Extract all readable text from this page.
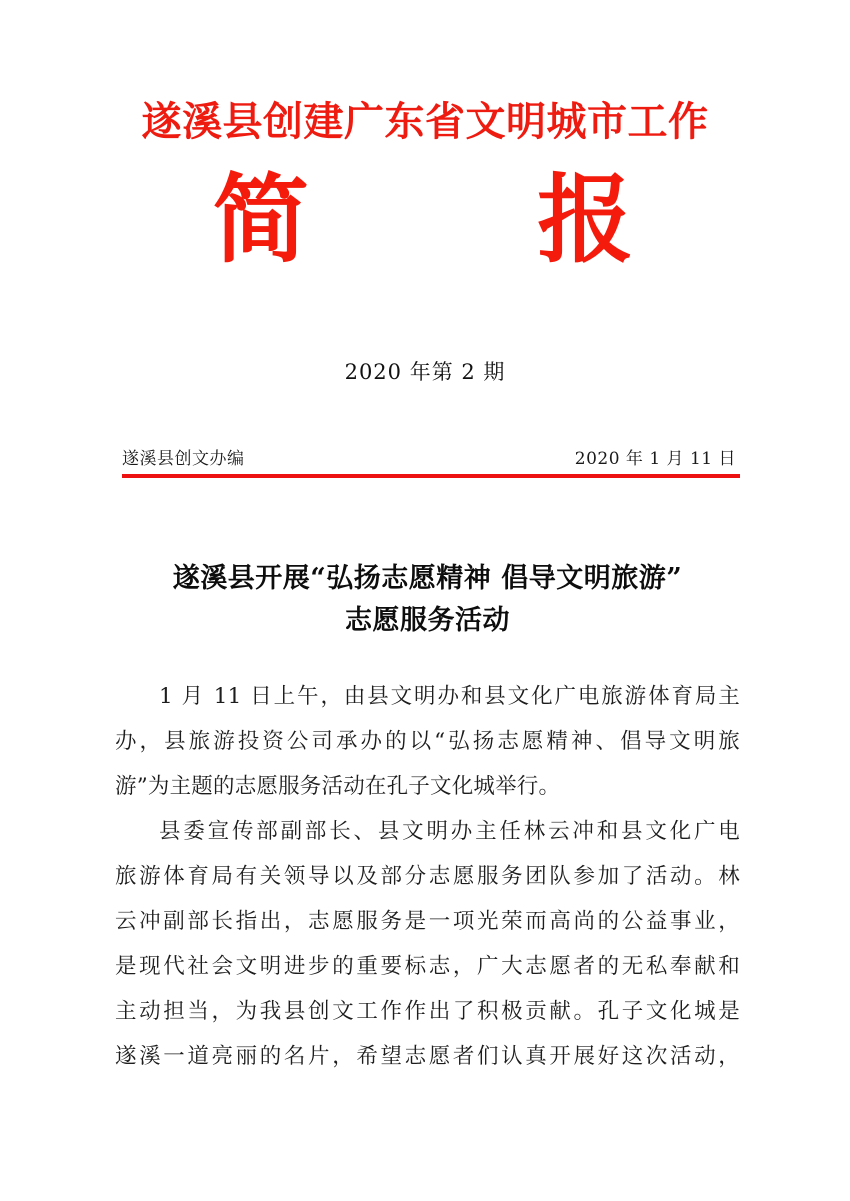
遂溪县创建广东省文明城市工作
简      报
2020 年第 2 期
遂溪县创文办编	2020 年 1 月 11 日
遂溪县开展“弘扬志愿精神 倡导文明旅游”
志愿服务活动

1 月 11 日上午，由县文明办和县文化广电旅游体育局主
办，县旅游投资公司承办的以“弘扬志愿精神、倡导文明旅
游”为主题的志愿服务活动在孔子文化城举行。

县委宣传部副部长、县文明办主任林云冲和县文化广电
旅游体育局有关领导以及部分志愿服务团队参加了活动。林
云冲副部长指出，志愿服务是一项光荣而高尚的公益事业，
是现代社会文明进步的重要标志，广大志愿者的无私奉献和
主动担当，为我县创文工作作出了积极贡献。孔子文化城是
遂溪一道亮丽的名片，希望志愿者们认真开展好这次活动，
